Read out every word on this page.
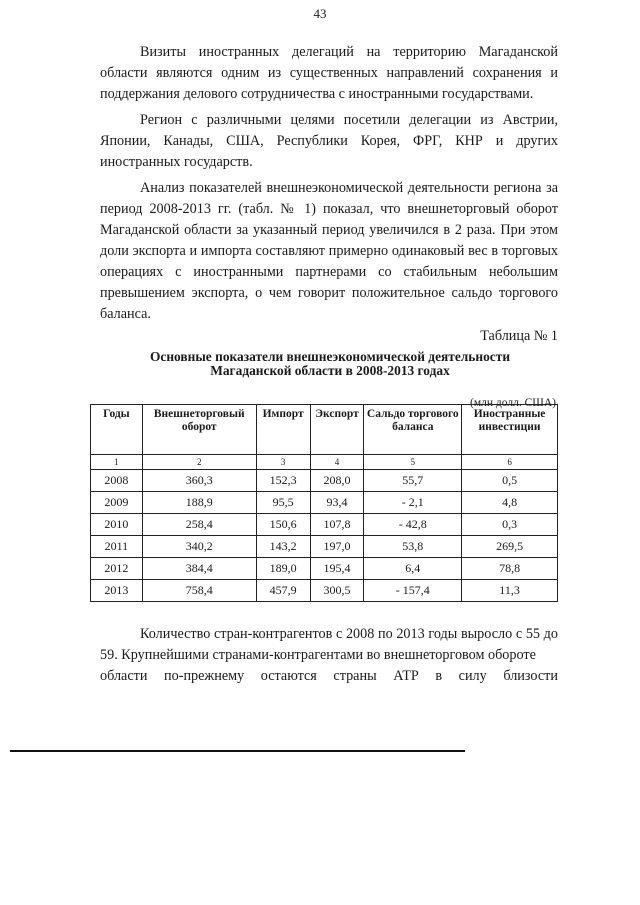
43

Визиты иностранных делегаций на территорию Магаданской области являются одним из существенных направлений сохранения и поддержания делового сотрудничества с иностранными государствами.

Регион с различными целями посетили делегации из Австрии, Японии, Канады, США, Республики Корея, ФРГ, КНР и других иностранных государств.

Анализ показателей внешнеэкономической деятельности региона за период 2008-2013 гг. (табл. № 1) показал, что внешнеторговый оборот Магаданской области за указанный период увеличился в 2 раза. При этом доли экспорта и импорта составляют примерно одинаковый вес в торговых операциях с иностранными партнерами со стабильным небольшим превышением экспорта, о чем говорит положительное сальдо торгового баланса.

Таблица № 1
Основные показатели внешнеэкономической деятельности
Магаданской области в 2008-2013 годах
(млн долл. США)
Годы	Внешнеторговый оборот	Импорт	Экспорт	Сальдо торгового баланса	Иностранные инвестиции
1	2	3	4	5	6
2008	360,3	152,3	208,0	55,7	0,5
2009	188,9	95,5	93,4	- 2,1	4,8
2010	258,4	150,6	107,8	- 42,8	0,3
2011	340,2	143,2	197,0	53,8	269,5
2012	384,4	189,0	195,4	6,4	78,8
2013	758,4	457,9	300,5	- 157,4	11,3

Количество стран-контрагентов с 2008 по 2013 годы выросло с 55 до 59. Крупнейшими странами-контрагентами во внешнеторговом обороте

области по-прежнему остаются страны АТР в силу близости
